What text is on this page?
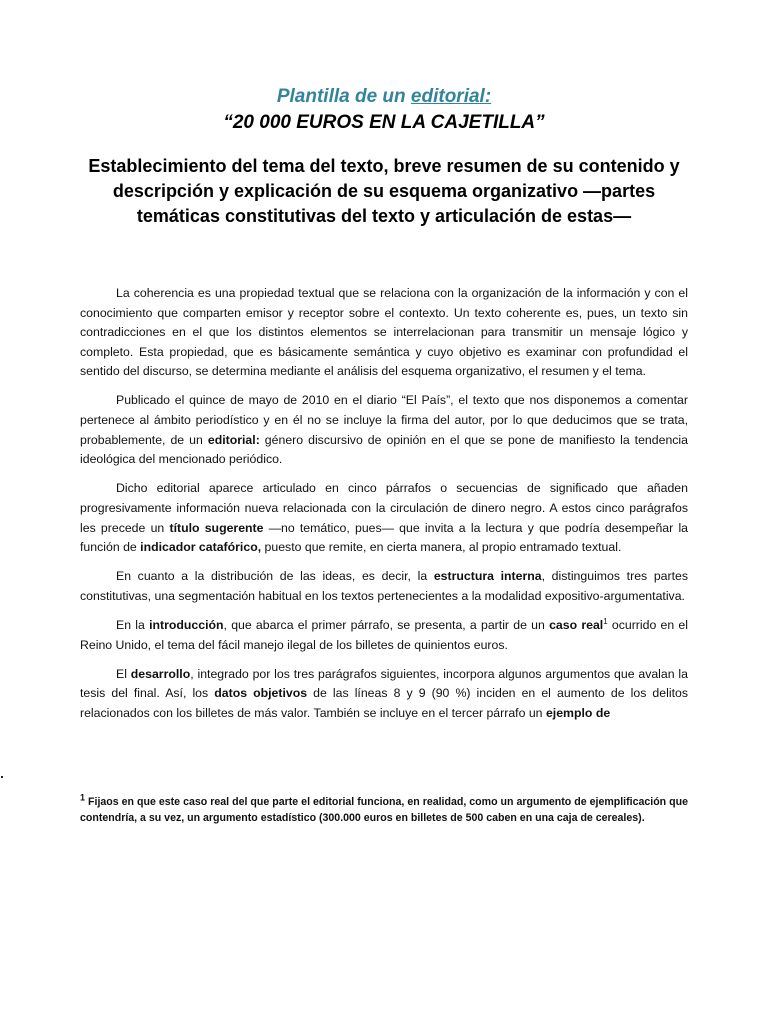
Plantilla de un editorial:
“20 000 EUROS EN LA CAJETILLA”
Establecimiento del tema del texto, breve resumen de su contenido y descripción y explicación de su esquema organizativo —partes temáticas constitutivas del texto y articulación de estas—

La coherencia es una propiedad textual que se relaciona con la organización de la información y con el conocimiento que comparten emisor y receptor sobre el contexto. Un texto coherente es, pues, un texto sin contradicciones en el que los distintos elementos se interrelacionan para transmitir un mensaje lógico y completo. Esta propiedad, que es básicamente semántica y cuyo objetivo es examinar con profundidad el sentido del discurso, se determina mediante el análisis del esquema organizativo, el resumen y el tema.

Publicado el quince de mayo de 2010 en el diario “El País”, el texto que nos disponemos a comentar pertenece al ámbito periodístico y en él no se incluye la firma del autor, por lo que deducimos que se trata, probablemente, de un editorial: género discursivo de opinión en el que se pone de manifiesto la tendencia ideológica del mencionado periódico.

Dicho editorial aparece articulado en cinco párrafos o secuencias de significado que añaden progresivamente información nueva relacionada con la circulación de dinero negro. A estos cinco parágrafos les precede un título sugerente —no temático, pues— que invita a la lectura y que podría desempeñar la función de indicador catafórico, puesto que remite, en cierta manera, al propio entramado textual.

En cuanto a la distribución de las ideas, es decir, la estructura interna, distinguimos tres partes constitutivas, una segmentación habitual en los textos pertenecientes a la modalidad expositivo-argumentativa.

En la introducción, que abarca el primer párrafo, se presenta, a partir de un caso real$^1$ ocurrido en el Reino Unido, el tema del fácil manejo ilegal de los billetes de quinientos euros.

El desarrollo, integrado por los tres parágrafos siguientes, incorpora algunos argumentos que avalan la tesis del final. Así, los datos objetivos de las líneas 8 y 9 (90 %) inciden en el aumento de los delitos relacionados con los billetes de más valor. También se incluye en el tercer párrafo un ejemplo de

$^1$ Fijaos en que este caso real del que parte el editorial funciona, en realidad, como un argumento de ejemplificación que contendría, a su vez, un argumento estadístico (300.000 euros en billetes de 500 caben en una caja de cereales).
